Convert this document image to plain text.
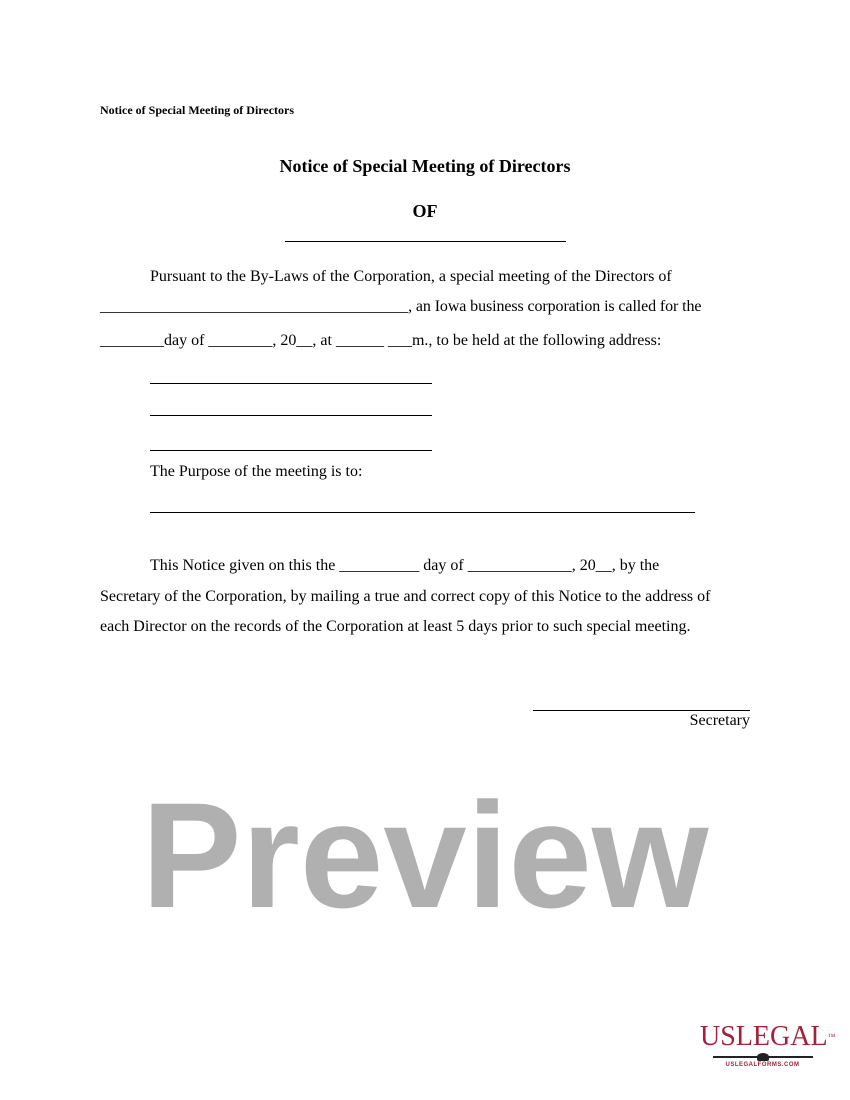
Notice of Special Meeting of Directors
Notice of Special Meeting of Directors
OF
Pursuant to the By-Laws of the Corporation, a special meeting of the Directors of
_______________________________________, an Iowa business corporation is called for the
________day of ________, 20__, at ______ ___m., to be held at the following address:
The Purpose of the meeting is to:
This Notice given on this the __________ day of _____________, 20__, by the
Secretary of the Corporation, by mailing a true and correct copy of this Notice to the address of
each Director on the records of the Corporation at least 5 days prior to such special meeting.
Secretary
Preview
USLEGAL™
USLEGALFORMS.COM
